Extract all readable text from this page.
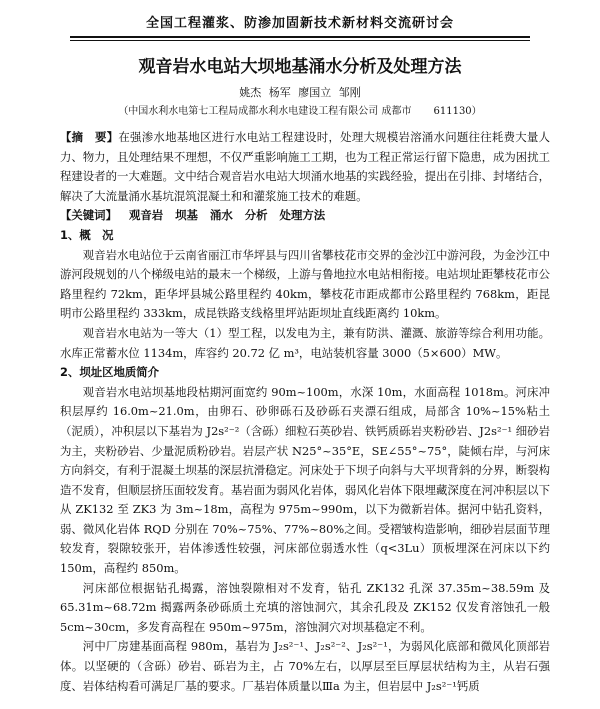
全国工程灌浆、防渗加固新技术新材料交流研讨会
观音岩水电站大坝地基涌水分析及处理方法
姚杰 杨军 廖国立 邹刚
（中国水利水电第七工程局成都水利水电建设工程有限公司 成都市 611130）

【摘　要】在强渗水地基地区进行水电站工程建设时，处理大规模岩溶涌水问题往往耗费大量人力、物力，且处理结果不理想，不仅严重影响施工工期，也为工程正常运行留下隐患，成为困扰工程建设者的一大难题。文中结合观音岩水电站大坝涌水地基的实践经验，提出在引排、封堵结合，解决了大流量涌水基坑混筑混凝土和和灌浆施工技术的难题。

【关键词】 观音岩 坝基 涌水 分析 处理方法

1、概　况

观音岩水电站位于云南省丽江市华坪县与四川省攀枝花市交界的金沙江中游河段，为金沙江中游河段规划的八个梯级电站的最末一个梯级，上游与鲁地拉水电站相衔接。电站坝址距攀枝花市公路里程约 72km，距华坪县城公路里程约 40km，攀枝花市距成都市公路里程约 768km，距昆明市公路里程约 333km，成昆铁路支线格里坪站距坝址直线距离约 10km。

观音岩水电站为一等大（1）型工程，以发电为主，兼有防洪、灌溉、旅游等综合利用功能。水库正常蓄水位 1134m，库容约 20.72 亿 m³，电站装机容量 3000（5×600）MW。

2、坝址区地质简介

观音岩水电站坝基地段枯期河面宽约 90m~100m，水深 10m，水面高程 1018m。河床冲积层厚约 16.0m~21.0m，由卵石、砂卵砾石及砂砾石夹漂石组成，局部含 10%~15%粘土（泥质），冲积层以下基岩为 J2s²⁻²（含砾）细粒石英砂岩、铁钙质砾岩夹粉砂岩、J2s²⁻¹ 细砂岩为主，夹粉砂岩、少量泥质粉砂岩。岩层产状 N25°~35°E，SE∠55°~75°，陡倾右岸，与河床方向斜交，有利于混凝土坝基的深层抗滑稳定。河床处于下坝子向斜与大平坝背斜的分界，断裂构造不发育，但顺层挤压面较发育。基岩面为弱风化岩体，弱风化岩体下限埋藏深度在河冲积层以下从 ZK132 至 ZK3 为 3m~18m，高程为 975m~990m，以下为微新岩体。据河中钻孔资料，弱、微风化岩体 RQD 分别在 70%~75%、77%~80%之间。受褶皱构造影响，细砂岩层面节理较发育，裂隙较张开，岩体渗透性较强，河床部位弱透水性（q<3Lu）顶板埋深在河床以下约 150m，高程约 850m。

河床部位根据钻孔揭露，溶蚀裂隙相对不发育，钻孔 ZK132 孔深 37.35m~38.59m 及 65.31m~68.72m 揭露两条砂砾质土充填的溶蚀洞穴，其余孔段及 ZK152 仅发育溶蚀孔一般 5cm~30cm，多发育高程在 950m~975m，溶蚀洞穴对坝基稳定不利。

河中厂房建基面高程 980m，基岩为 J₂s²⁻¹、J₂s²⁻²、J₂s²⁻¹，为弱风化底部和微风化顶部岩体。以坚硬的（含砾）砂岩、砾岩为主，占 70%左右，以厚层至巨厚层状结构为主，从岩石强度、岩体结构看可满足厂基的要求。厂基岩体质量以Ⅲa 为主，但岩层中 J₂s²⁻¹钙质
